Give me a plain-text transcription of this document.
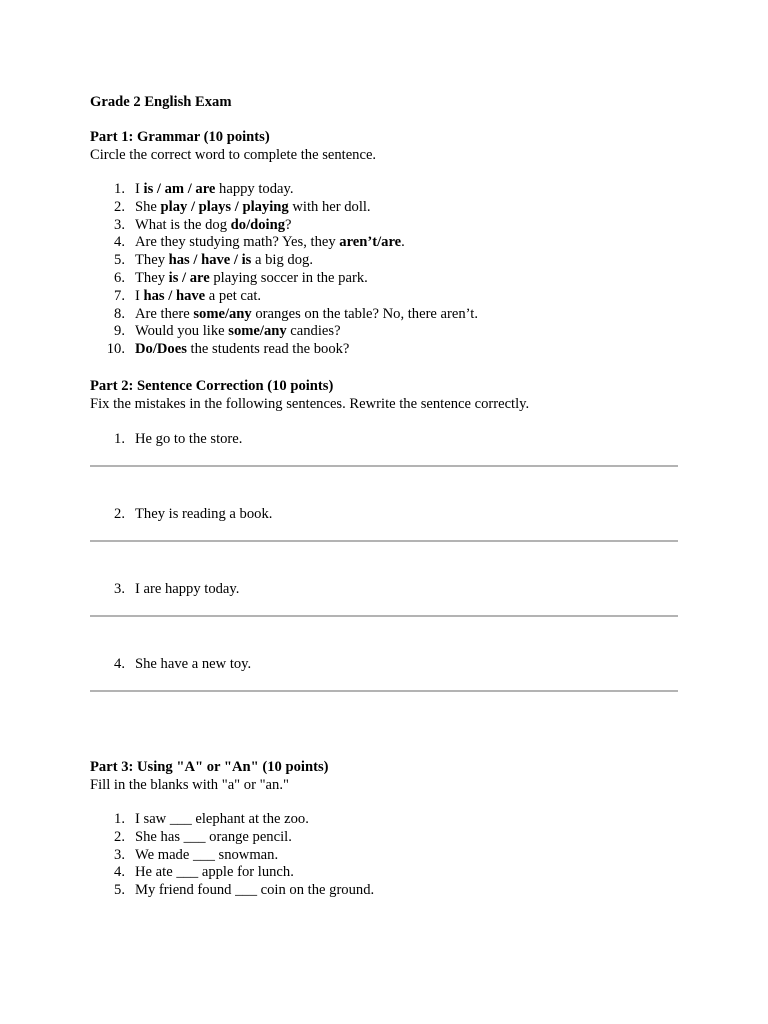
Grade 2 English Exam
Part 1: Grammar (10 points)
Circle the correct word to complete the sentence.
1. I is / am / are happy today.
2. She play / plays / playing with her doll.
3. What is the dog do/doing?
4. Are they studying math? Yes, they aren’t/are.
5. They has / have / is a big dog.
6. They is / are playing soccer in the park.
7. I has / have a pet cat.
8. Are there some/any oranges on the table? No, there aren’t.
9. Would you like some/any candies?
10. Do/Does the students read the book?
Part 2: Sentence Correction (10 points)
Fix the mistakes in the following sentences. Rewrite the sentence correctly.
1. He go to the store.
2. They is reading a book.
3. I are happy today.
4. She have a new toy.
Part 3: Using "A" or "An" (10 points)
Fill in the blanks with "a" or "an."
1. I saw ___ elephant at the zoo.
2. She has ___ orange pencil.
3. We made ___ snowman.
4. He ate ___ apple for lunch.
5. My friend found ___ coin on the ground.
